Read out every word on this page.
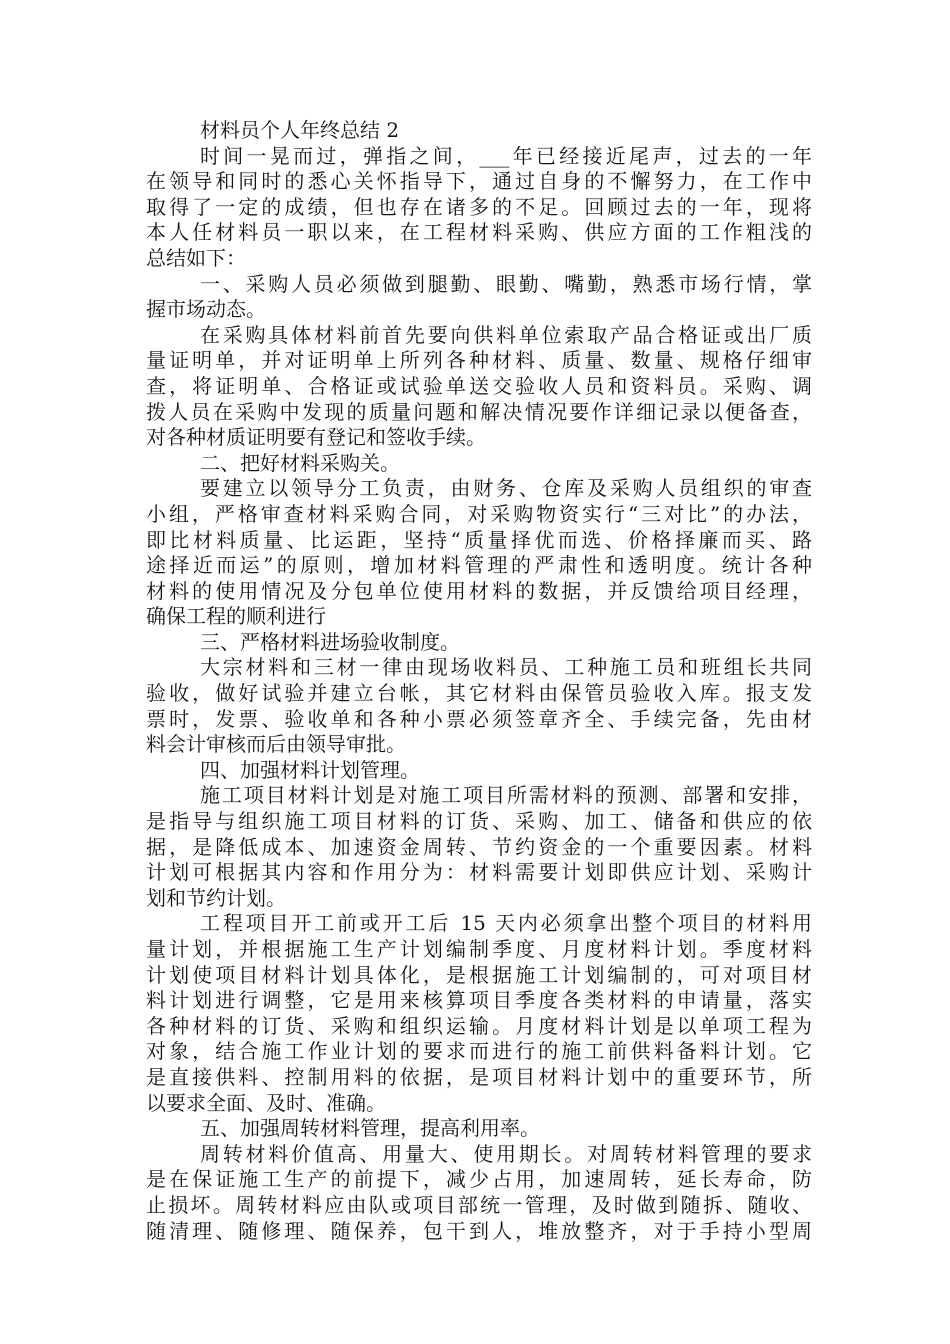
材料员个人年终总结 2
时间一晃而过，弹指之间，___年已经接近尾声，过去的一年
在领导和同时的悉心关怀指导下，通过自身的不懈努力，在工作中
取得了一定的成绩，但也存在诸多的不足。回顾过去的一年，现将
本人任材料员一职以来，在工程材料采购、供应方面的工作粗浅的
总结如下：
一、采购人员必须做到腿勤、眼勤、嘴勤，熟悉市场行情，掌
握市场动态。
在采购具体材料前首先要向供料单位索取产品合格证或出厂质
量证明单，并对证明单上所列各种材料、质量、数量、规格仔细审
查，将证明单、合格证或试验单送交验收人员和资料员。采购、调
拨人员在采购中发现的质量问题和解决情况要作详细记录以便备查，
对各种材质证明要有登记和签收手续。
二、把好材料采购关。
要建立以领导分工负责，由财务、仓库及采购人员组织的审查
小组，严格审查材料采购合同，对采购物资实行“三对比”的办法，
即比材料质量、比运距，坚持“质量择优而选、价格择廉而买、路
途择近而运”的原则，增加材料管理的严肃性和透明度。统计各种
材料的使用情况及分包单位使用材料的数据，并反馈给项目经理，
确保工程的顺利进行
三、严格材料进场验收制度。
大宗材料和三材一律由现场收料员、工种施工员和班组长共同
验收，做好试验并建立台帐，其它材料由保管员验收入库。报支发
票时，发票、验收单和各种小票必须签章齐全、手续完备，先由材
料会计审核而后由领导审批。
四、加强材料计划管理。
施工项目材料计划是对施工项目所需材料的预测、部署和安排，
是指导与组织施工项目材料的订货、采购、加工、储备和供应的依
据，是降低成本、加速资金周转、节约资金的一个重要因素。材料
计划可根据其内容和作用分为：材料需要计划即供应计划、采购计
划和节约计划。
工程项目开工前或开工后 15 天内必须拿出整个项目的材料用
量计划，并根据施工生产计划编制季度、月度材料计划。季度材料
计划使项目材料计划具体化，是根据施工计划编制的，可对项目材
料计划进行调整，它是用来核算项目季度各类材料的申请量，落实
各种材料的订货、采购和组织运输。月度材料计划是以单项工程为
对象，结合施工作业计划的要求而进行的施工前供料备料计划。它
是直接供料、控制用料的依据，是项目材料计划中的重要环节，所
以要求全面、及时、准确。
五、加强周转材料管理，提高利用率。
周转材料价值高、用量大、使用期长。对周转材料管理的要求
是在保证施工生产的前提下，减少占用，加速周转，延长寿命，防
止损坏。周转材料应由队或项目部统一管理，及时做到随拆、随收、
随清理、随修理、随保养，包干到人，堆放整齐，对于手持小型周
